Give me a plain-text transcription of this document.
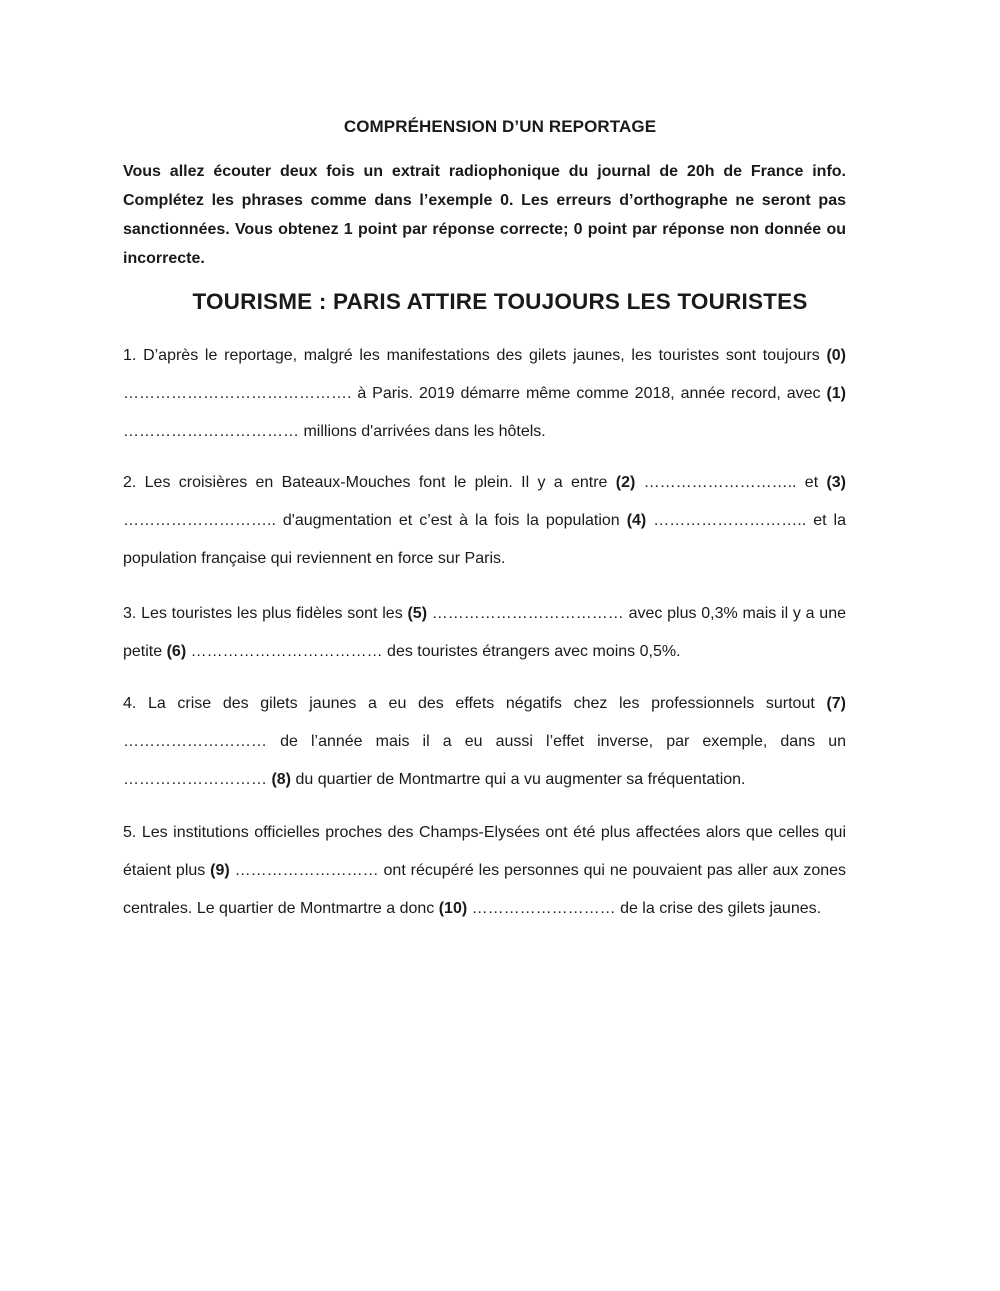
COMPRÉHENSION D’UN REPORTAGE
Vous allez écouter deux fois un extrait radiophonique du journal de 20h de France info. Complétez les phrases comme dans l’exemple 0. Les erreurs d’orthographe ne seront pas sanctionnées. Vous obtenez 1 point par réponse correcte; 0 point par réponse non donnée ou incorrecte.
TOURISME : PARIS ATTIRE TOUJOURS LES TOURISTES
1. D’après le reportage, malgré les manifestations des gilets jaunes, les touristes sont toujours (0) ……………………………………. à Paris. 2019 démarre même comme 2018, année record, avec (1) …………………………… millions d'arrivées dans les hôtels.
2. Les croisières en Bateaux-Mouches font le plein. Il y a entre (2) ……………………….. et (3) ……………………….. d'augmentation et c’est à la fois la population (4) ……………………….. et la population française qui reviennent en force sur Paris.
3. Les touristes les plus fidèles sont les (5) ……………………………… avec plus 0,3% mais il y a une petite (6) ……………………………… des touristes étrangers avec moins 0,5%.
4. La crise des gilets jaunes a eu des effets négatifs chez les professionnels surtout (7) ……………………… de l’année mais il a eu aussi l’effet inverse, par exemple, dans un ……………………… (8) du quartier de Montmartre qui a vu augmenter sa fréquentation.
5. Les institutions officielles proches des Champs-Elysées ont été plus affectées alors que celles qui étaient plus (9) ……………………… ont récupéré les personnes qui ne pouvaient pas aller aux zones centrales. Le quartier de Montmartre a donc (10) ……………………… de la crise des gilets jaunes.
